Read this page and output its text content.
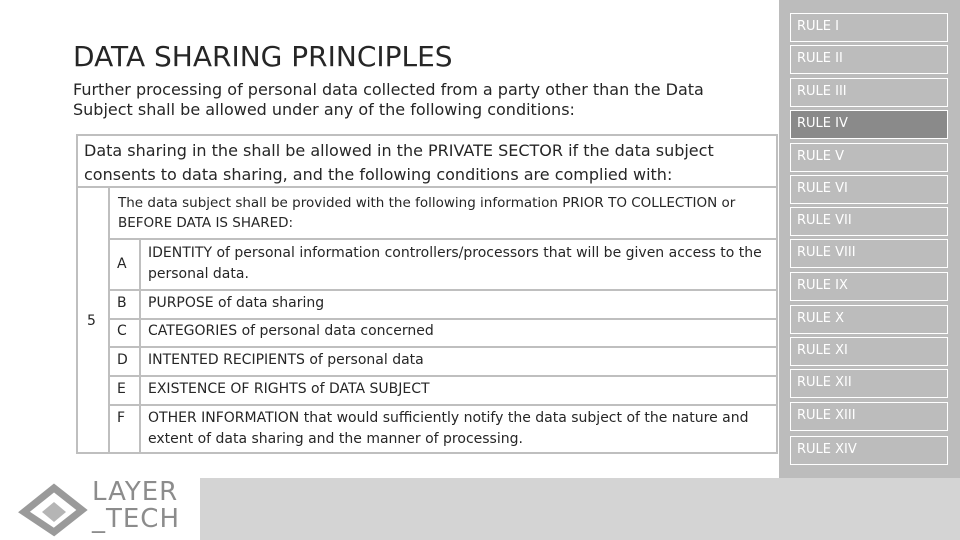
RULE I
RULE II
RULE III
RULE IV
RULE V
RULE VI
RULE VII
RULE VIII
RULE IX
RULE X
RULE XI
RULE XII
RULE XIII
RULE XIV
LAYER
_TECH
DATA SHARING PRINCIPLES

Further processing of personal data collected from a party other than the Data Subject shall be allowed under any of the following conditions:

Data sharing in the shall be allowed in the PRIVATE SECTOR if the data subject consents to data sharing, and the following conditions are complied with:

5

The data subject shall be provided with the following information PRIOR TO COLLECTION or BEFORE DATA IS SHARED:

A
IDENTITY of personal information controllers/processors that will be given access to the personal data.
B PURPOSE of data sharing
C CATEGORIES of personal data concerned
D INTENTED RECIPIENTS of personal data
E EXISTENCE OF RIGHTS of DATA SUBJECT
F OTHER INFORMATION that would sufficiently notify the data subject of the nature and extent of data sharing and the manner of processing.
